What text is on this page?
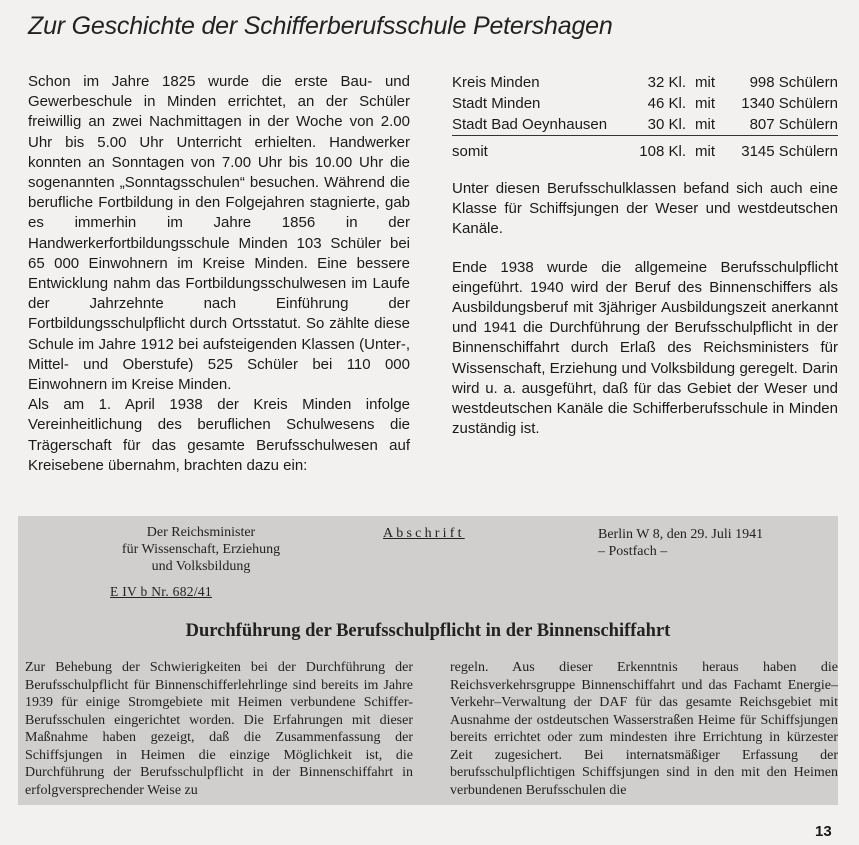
Zur Geschichte der Schifferberufsschule Petershagen

Schon im Jahre 1825 wurde die erste Bau- und Gewerbeschule in Minden errichtet, an der Schüler freiwillig an zwei Nachmittagen in der Woche von 2.00 Uhr bis 5.00 Uhr Unterricht erhielten. Handwerker konnten an Sonntagen von 7.00 Uhr bis 10.00 Uhr die sogenannten „Sonntagsschulen“ besuchen. Während die berufliche Fortbildung in den Folgejahren stagnierte, gab es immerhin im Jahre 1856 in der Handwerkerfortbildungsschule Minden 103 Schüler bei 65 000 Einwohnern im Kreise Minden. Eine bessere Entwicklung nahm das Fortbildungsschulwesen im Laufe der Jahrzehnte nach Einführung der Fortbildungsschulpflicht durch Ortsstatut. So zählte diese Schule im Jahre 1912 bei aufsteigenden Klassen (Unter-, Mittel- und Oberstufe) 525 Schüler bei 110 000 Einwohnern im Kreise Minden.

Als am 1. April 1938 der Kreis Minden infolge Vereinheitlichung des beruflichen Schulwesens die Trägerschaft für das gesamte Berufsschulwesen auf Kreisebene übernahm, brachten dazu ein:

Kreis Minden	32 Kl.	mit	998 Schülern
Stadt Minden	46 Kl.	mit	1340 Schülern
Stadt Bad Oeynhausen	30 Kl.	mit	807 Schülern
somit	108 Kl.	mit	3145 Schülern

Unter diesen Berufsschulklassen befand sich auch eine Klasse für Schiffsjungen der Weser und westdeutschen Kanäle.

Ende 1938 wurde die allgemeine Berufsschulpflicht eingeführt. 1940 wird der Beruf des Binnenschiffers als Ausbildungsberuf mit 3jähriger Ausbildungszeit anerkannt und 1941 die Durchführung der Berufsschulpflicht in der Binnenschiffahrt durch Erlaß des Reichsministers für Wissenschaft, Erziehung und Volksbildung geregelt. Darin wird u. a. ausgeführt, daß für das Gebiet der Weser und westdeutschen Kanäle die Schifferberufsschule in Minden zuständig ist.

Der Reichsminister
für Wissenschaft, Erziehung
und Volksbildung
E IV b Nr. 682/41
Abschrift	Berlin W 8, den 29. Juli 1941
– Postfach –
Durchführung der Berufsschulpflicht in der Binnenschiffahrt
Zur Behebung der Schwierigkeiten bei der Durchführung der Berufsschulpflicht für Binnenschifferlehrlinge sind bereits im Jahre 1939 für einige Stromgebiete mit Heimen verbundene Schiffer-Berufsschulen eingerichtet worden. Die Erfahrungen mit dieser Maßnahme haben gezeigt, daß die Zusammenfassung der Schiffsjungen in Heimen die einzige Möglichkeit ist, die Durchführung der Berufsschulpflicht in der Binnenschiffahrt in erfolgversprechender Weise zu
regeln. Aus dieser Erkenntnis heraus haben die Reichsverkehrsgruppe Binnenschiffahrt und das Fachamt Energie–Verkehr–Verwaltung der DAF für das gesamte Reichsgebiet mit Ausnahme der ostdeutschen Wasserstraßen Heime für Schiffsjungen bereits errichtet oder zum mindesten ihre Errichtung in kürzester Zeit zugesichert. Bei internatsmäßiger Erfassung der berufsschulpflichtigen Schiffsjungen sind in den mit den Heimen verbundenen Berufsschulen die
13
